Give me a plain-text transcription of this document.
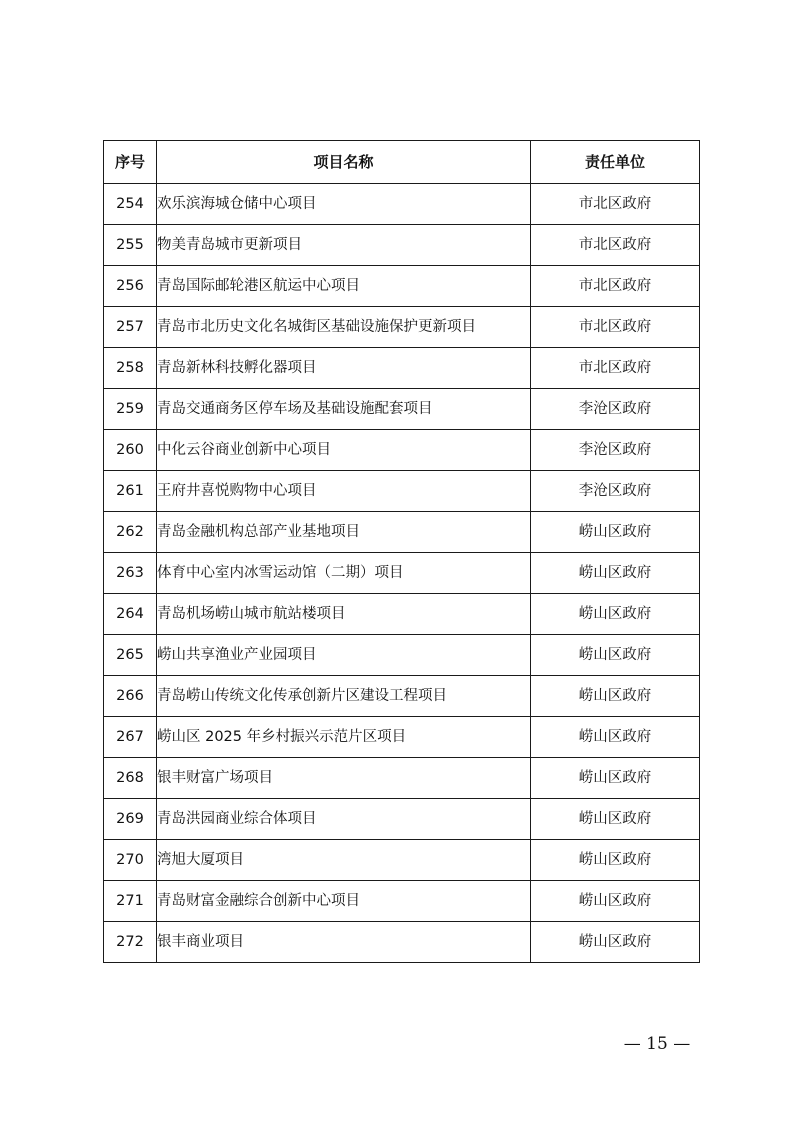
序号	项目名称	责任单位
254	欢乐滨海城仓储中心项目	市北区政府
255	物美青岛城市更新项目	市北区政府
256	青岛国际邮轮港区航运中心项目	市北区政府
257	青岛市北历史文化名城街区基础设施保护更新项目	市北区政府
258	青岛新林科技孵化器项目	市北区政府
259	青岛交通商务区停车场及基础设施配套项目	李沧区政府
260	中化云谷商业创新中心项目	李沧区政府
261	王府井喜悦购物中心项目	李沧区政府
262	青岛金融机构总部产业基地项目	崂山区政府
263	体育中心室内冰雪运动馆（二期）项目	崂山区政府
264	青岛机场崂山城市航站楼项目	崂山区政府
265	崂山共享渔业产业园项目	崂山区政府
266	青岛崂山传统文化传承创新片区建设工程项目	崂山区政府
267	崂山区 2025 年乡村振兴示范片区项目	崂山区政府
268	银丰财富广场项目	崂山区政府
269	青岛洪园商业综合体项目	崂山区政府
270	湾旭大厦项目	崂山区政府
271	青岛财富金融综合创新中心项目	崂山区政府
272	银丰商业项目	崂山区政府
— 15 —
